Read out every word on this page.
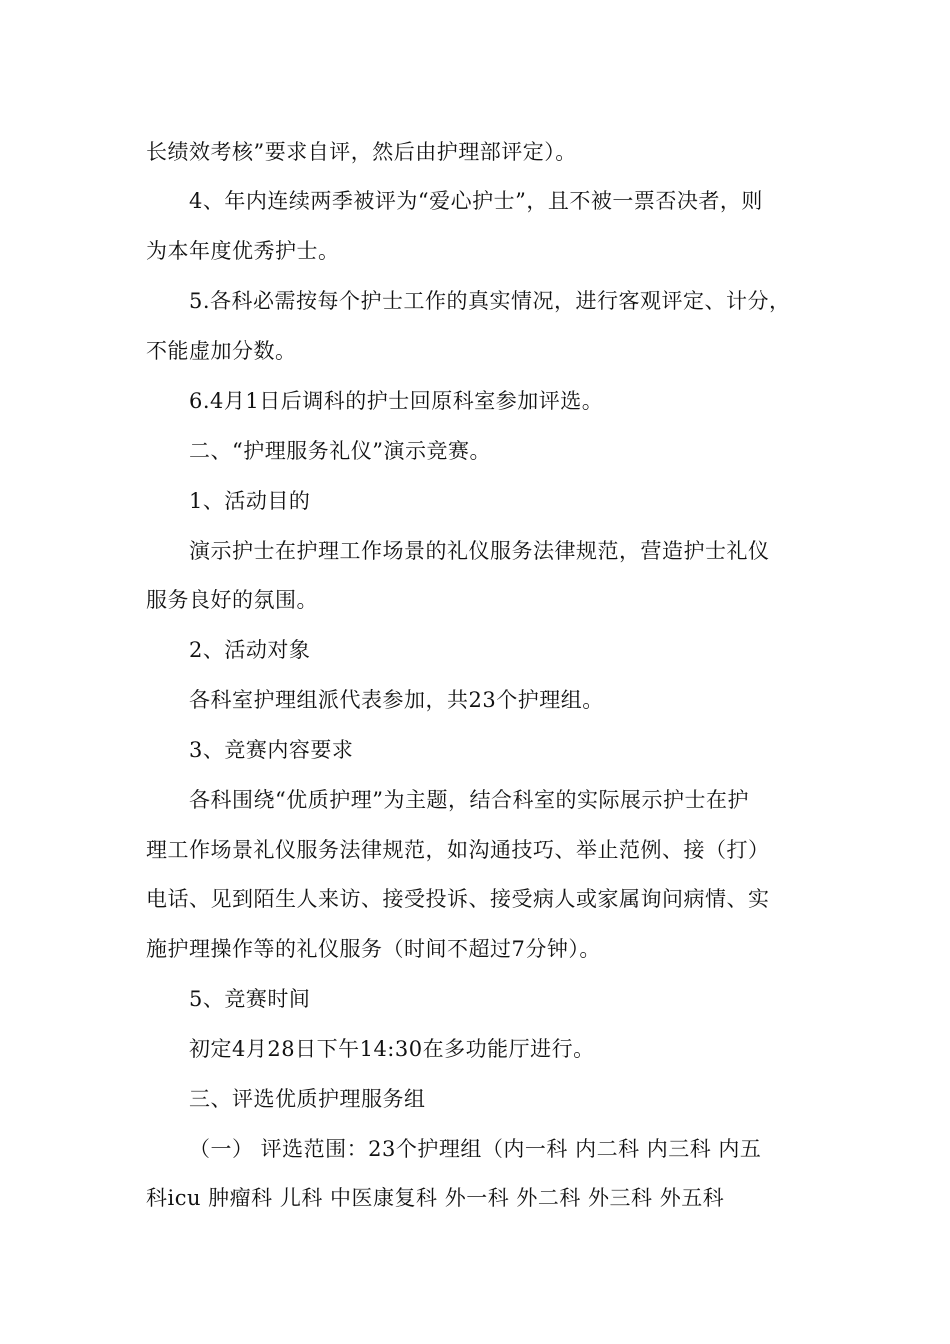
长绩效考核”要求自评，然后由护理部评定）。
4、年内连续两季被评为“爱心护士”，且不被一票否决者，则
为本年度优秀护士。
5.各科必需按每个护士工作的真实情况，进行客观评定、计分，
不能虚加分数。
6.4月1日后调科的护士回原科室参加评选。
二、“护理服务礼仪”演示竞赛。
1、活动目的
演示护士在护理工作场景的礼仪服务法律规范，营造护士礼仪
服务良好的氛围。
2、活动对象
各科室护理组派代表参加，共23个护理组。
3、竞赛内容要求
各科围绕“优质护理”为主题，结合科室的实际展示护士在护
理工作场景礼仪服务法律规范，如沟通技巧、举止范例、接（打）
电话、见到陌生人来访、接受投诉、接受病人或家属询问病情、实
施护理操作等的礼仪服务（时间不超过7分钟）。
5、竞赛时间
初定4月28日下午14:30在多功能厅进行。
三、评选优质护理服务组
（一） 评选范围：23个护理组（内一科 内二科 内三科 内五
科icu 肿瘤科 儿科 中医康复科 外一科 外二科 外三科 外五科
